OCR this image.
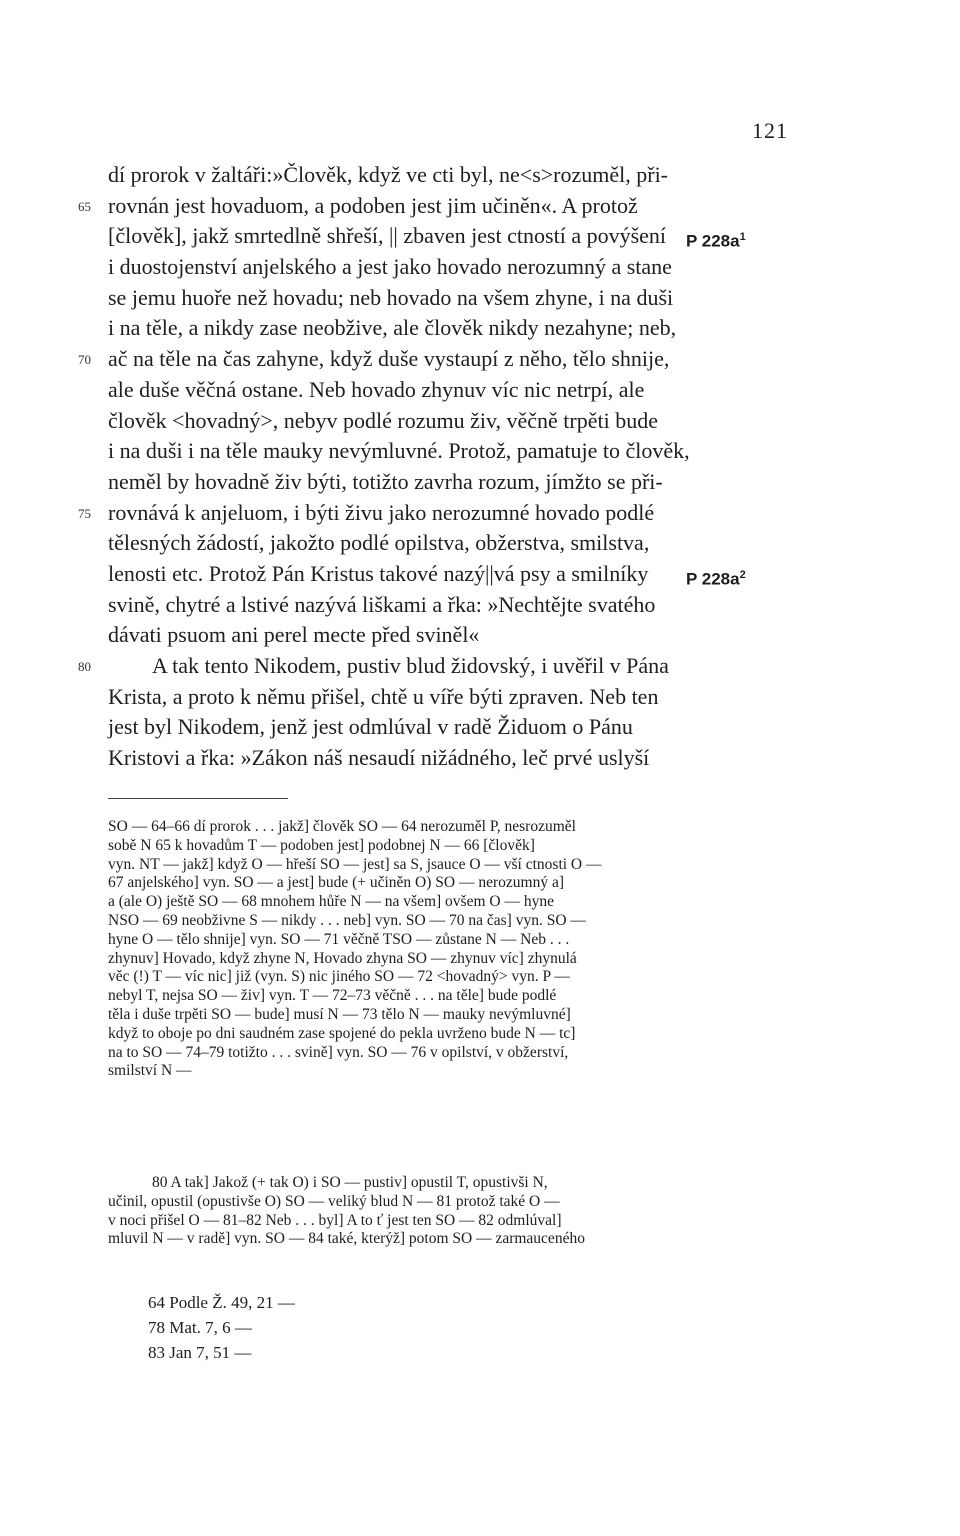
121
dí prorok v žaltáři:»Člověk, když ve cti byl, ne<s>rozuměl, při-
65 rovnán jest hovaduom, a podoben jest jim učiněn«. A protož
[člověk], jakž smrtedlně shřeší, || zbaven jest ctností a povýšení
i duostojenství anjelského a jest jako hovado nerozumný a stane
se jemu huoře než hovadu; neb hovado na všem zhyne, i na duši
i na těle, a nikdy zase neobžive, ale člověk nikdy nezahyne; neb,
70 ač na těle na čas zahyne, když duše vystaupí z něho, tělo shnije,
ale duše věčná ostane. Neb hovado zhynuv víc nic netrpí, ale
člověk <hovadný>, nebyv podlé rozumu živ, věčně trpěti bude
i na duši i na těle mauky nevýmluvné. Protož, pamatuje to člověk,
neměl by hovadně živ býti, totižto zavrha rozum, jímžto se při-
75 rovnává k anjeluom, i býti živu jako nerozumné hovado podlé
tělesných žádostí, jakožto podlé opilstva, obžerstva, smilstva,
lenosti etc. Protož Pán Kristus takové nazý||vá psy a smilníky
svině, chytré a lstivé nazývá liškami a řka: »Nechtějte svatého
dávati psuom ani perel mecte před sviněl«
80	A tak tento Nikodem, pustiv blud židovský, i uvěřil v Pána
Krista, a proto k němu přišel, chtě u víře býti zpraven. Neb ten
jest byl Nikodem, jenž jest odmlúval v radě Židuom o Pánu
Kristovi a řka: »Zákon náš nesaudí nižádného, leč prvé uslyší
P $228a^1$
P $228a^2$
SO — 64–66 dí prorok . . . jakž] člověk SO — 64 nerozuměl P, nesrozuměl
sobě N 65 k hovadům T — podoben jest] podobnej N — 66 [člověk]
vyn. NT — jakž] když O — hřeší SO — jest] sa S, jsauce O — vší ctnosti O —
67 anjelského] vyn. SO — a jest] bude (+ učiněn O) SO — nerozumný a]
a (ale O) ještě SO — 68 mnohem hůře N — na všem] ovšem O — hyne
NSO — 69 neobživne S — nikdy . . . neb] vyn. SO — 70 na čas] vyn. SO —
hyne O — tělo shnije] vyn. SO — 71 věčně TSO — zůstane N — Neb . . .
zhynuv] Hovado, když zhyne N, Hovado zhyna SO — zhynuv víc] zhynulá
věc (!) T — víc nic] již (vyn. S) nic jiného SO — 72 <hovadný> vyn. P —
nebyl T, nejsa SO — živ] vyn. T — 72–73 věčně . . . na těle] bude podlé
těla i duše trpěti SO — bude] musí N — 73 tělo N — mauky nevýmluvné]
když to oboje po dni saudném zase spojené do pekla uvrženo bude N — tc]
na to SO — 74–79 totižto . . . svině] vyn. SO — 76 v opilství, v obžerství,
smilství N —
80 A tak] Jakož (+ tak O) i SO — pustiv] opustil T, opustivši N,
učinil, opustil (opustivše O) SO — veliký blud N — 81 protož také O —
v noci přišel O — 81–82 Neb . . . byl] A to ť jest ten SO — 82 odmlúval]
mluvil N — v radě] vyn. SO — 84 také, kterýž] potom SO — zarmauceného
64 Podle Ž. 49, 21 —
78 Mat. 7, 6 —
83 Jan 7, 51 —
